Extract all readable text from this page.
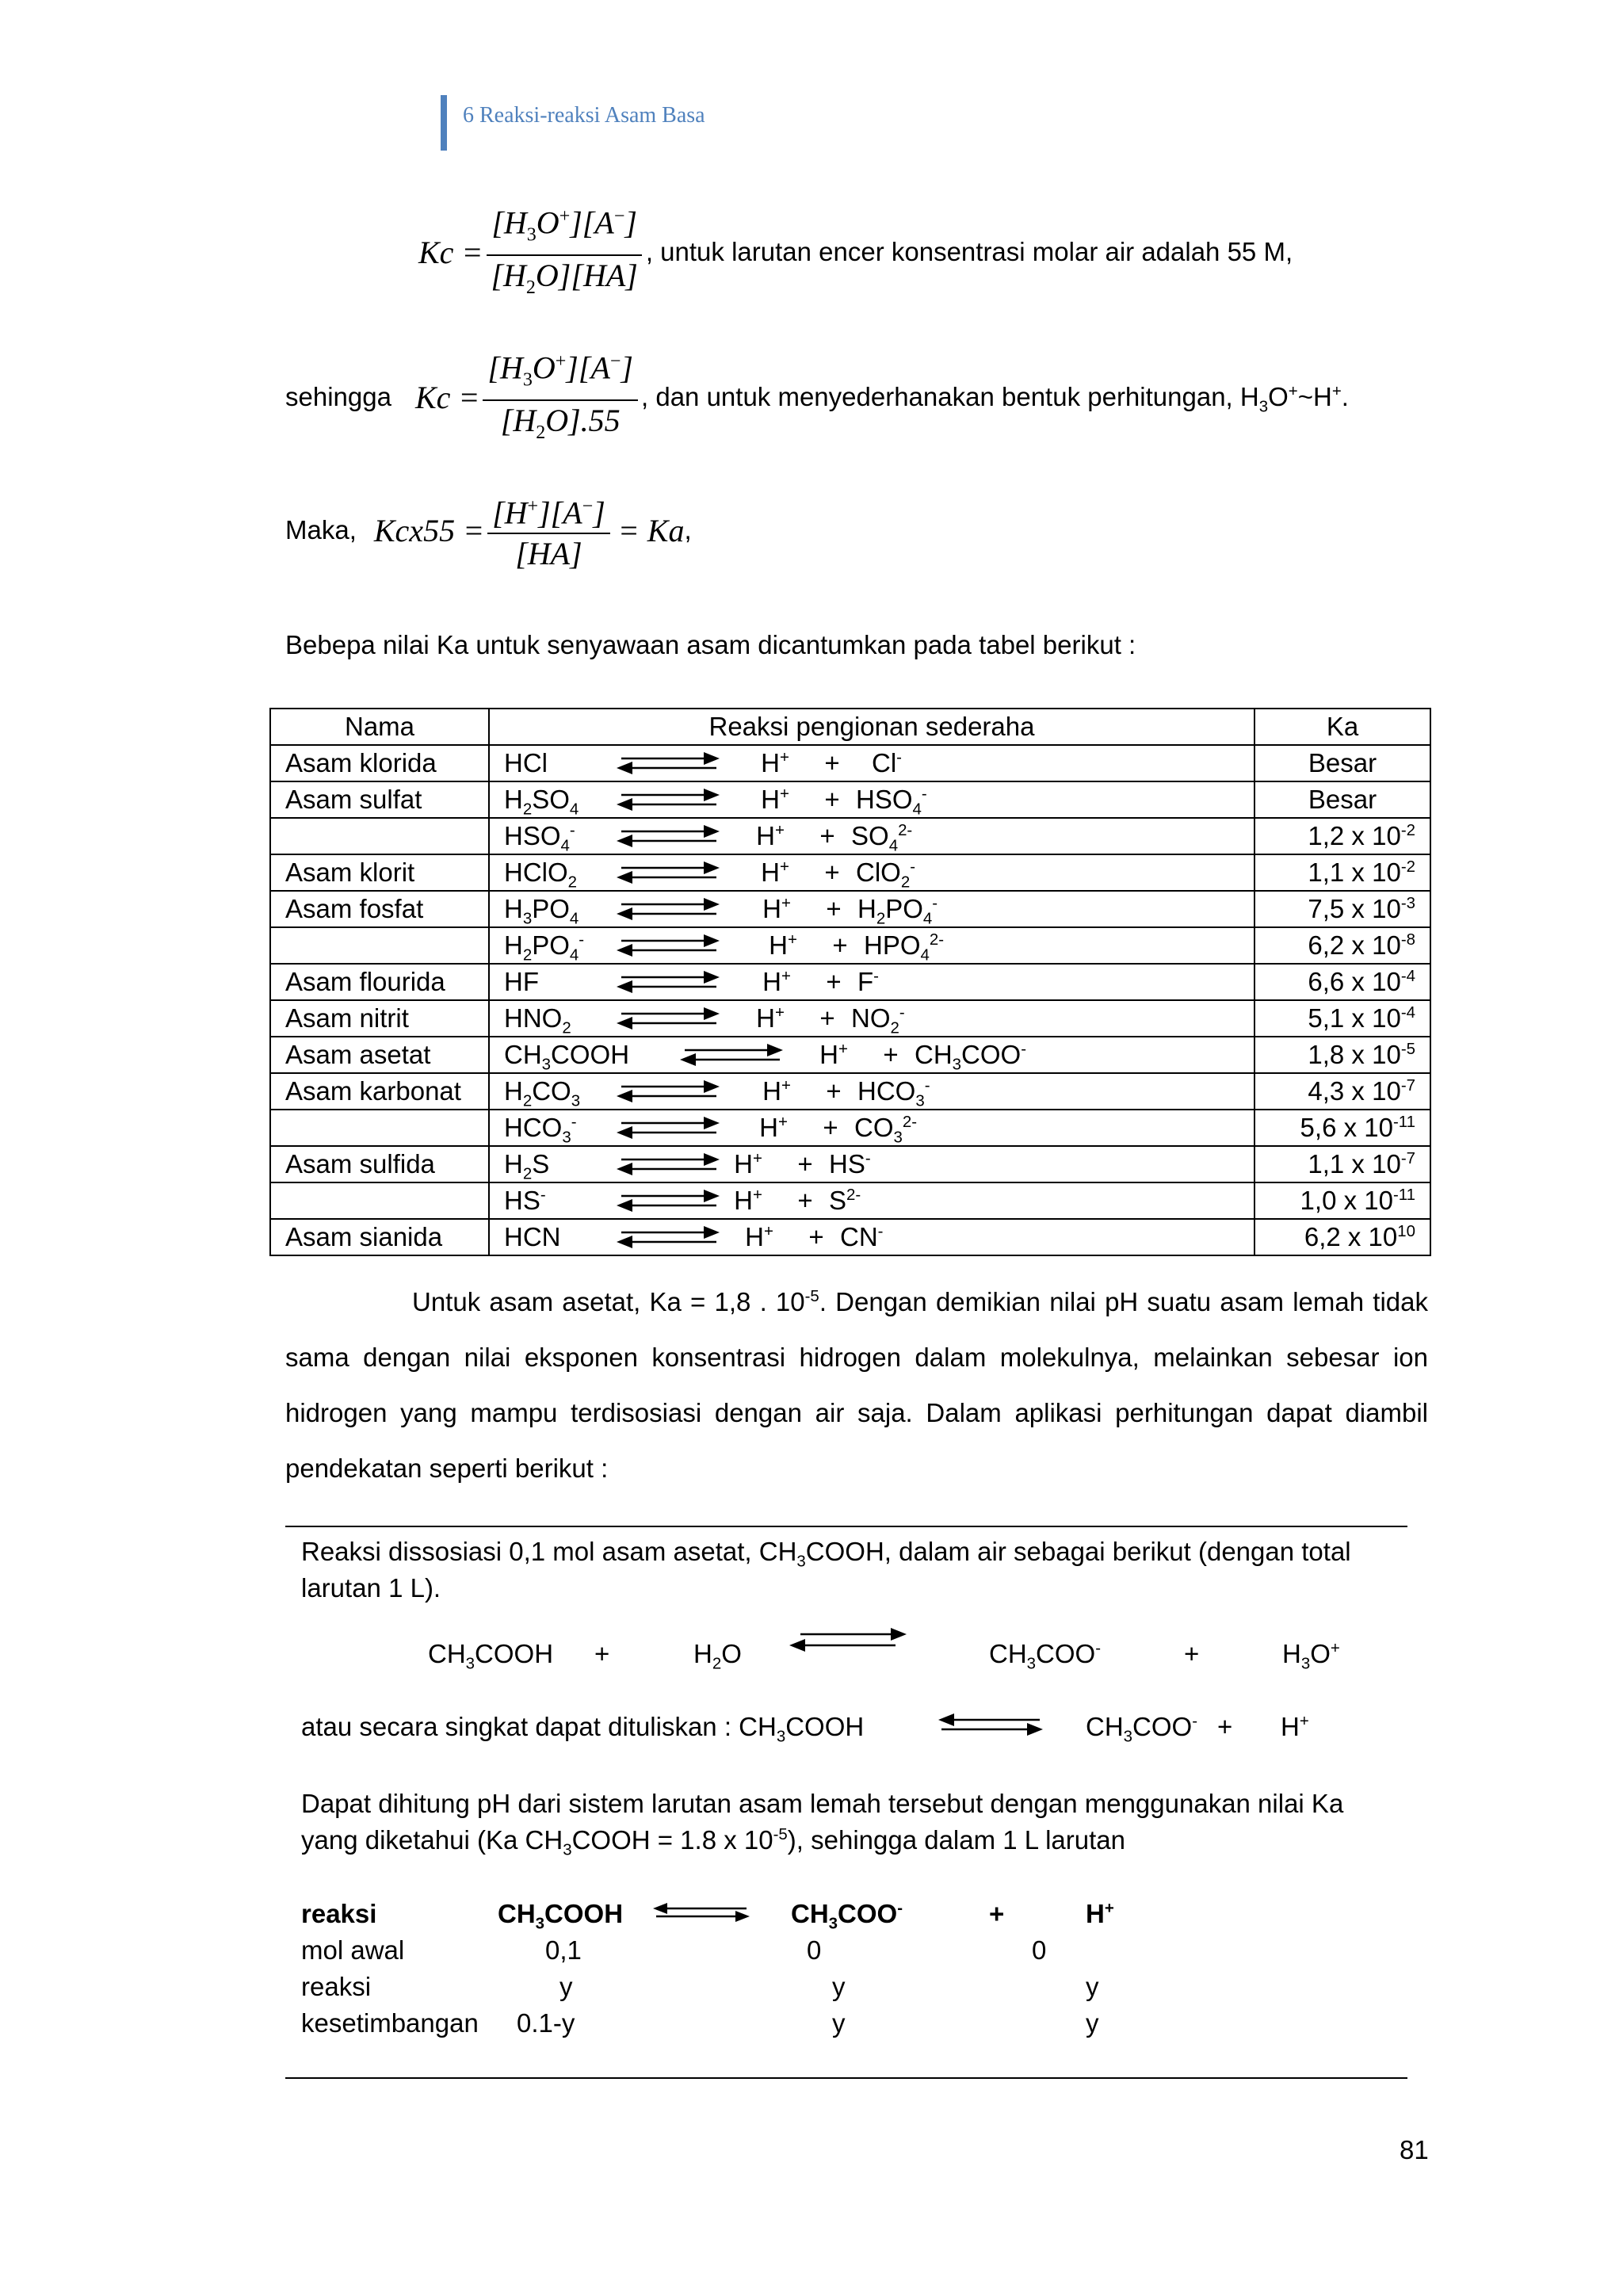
6 Reaksi-reaksi Asam Basa
$Kc = \frac{[H_3O^+][A^-]}{[H_2O][HA]}$ , untuk larutan encer konsentrasi molar air adalah 55 M,
sehingga $Kc = \frac{[H_3O^+][A^-]}{[H_2O].55}$ , dan untuk menyederhanakan bentuk perhitungan, $H_3O^+\sim H^+$.
Maka, $Kcx55 = \frac{[H^+][A^-]}{[HA]} = Ka$ ,
Bebepa nilai Ka untuk senyawaan asam dicantumkan pada tabel berikut :
Nama	Reaksi pengionan sederaha	Ka
Asam klorida	HCl H+ + Cl-	Besar
Asam sulfat	$H_2SO_4$ $H^+ + HSO_4^-$	Besar

	$HSO_4^-$ $H^+ + SO_4^{2-}$	1,2 x $10^{-2}$
Asam klorit	HClO$_2$ H+ + ClO$_2$-	1,1 x $10^{-2}$
Asam fosfat	$H_3PO_4$ $H^+ + H_2PO_4^-$	7,5 x $10^{-3}$

	$H_2PO_4^-$ $H^+ + HPO_4^{2-}$	6,2 x $10^{-8}$
Asam flourida	HF H+ + F-	6,6 x $10^{-4}$
Asam nitrit	$HNO_2$ $H^+ + NO_2^-$	5,1 x $10^{-4}$
Asam asetat	$CH_3COOH$ $H^+ + CH_3COO^-$	1,8 x $10^{-5}$
Asam karbonat	$H_2CO_3$ $H^+ + HCO_3^-$	4,3 x $10^{-7}$

	$HCO_3^-$ $H^+ + CO_3^{2-}$	5,6 x $10^{-11}$
Asam sulfida	$H_2S$ H+ + HS-	1,1 x $10^{-7}$

	HS- $H^+ + S^{2-}$	1,0 x $10^{-11}$
Asam sianida	HCN H+ + CN-	6,2 x $10^{10}$
Untuk asam asetat, Ka = 1,8 . $10^{-5}$. Dengan demikian nilai pH suatu asam lemah tidak sama dengan nilai eksponen konsentrasi hidrogen dalam molekulnya, melainkan sebesar ion hidrogen yang mampu terdisosiasi dengan air saja. Dalam aplikasi perhitungan dapat diambil pendekatan seperti berikut :
Reaksi dissosiasi 0,1 mol asam asetat, $CH_3COOH$, dalam air sebagai berikut (dengan total larutan 1 L).
$CH_3COOH$ +	$H_2O$	$CH_3COO^-$	+	$H_3O^+$
atau secara singkat dapat dituliskan : $CH_3COOH$	$CH_3COO^- + H^+$
Dapat dihitung pH dari sistem larutan asam lemah tersebut dengan menggunakan nilai Ka yang diketahui (Ka $CH_3COOH = 1.8$ x $10^{-5}$), sehingga dalam 1 L larutan
reaksi	$CH_3COOH$ ⇌ $CH_3COO^-$	+	H+
mol awal	0,1	0	0
reaksi	y	y	y
kesetimbangan 0.1-y	y	y
81
